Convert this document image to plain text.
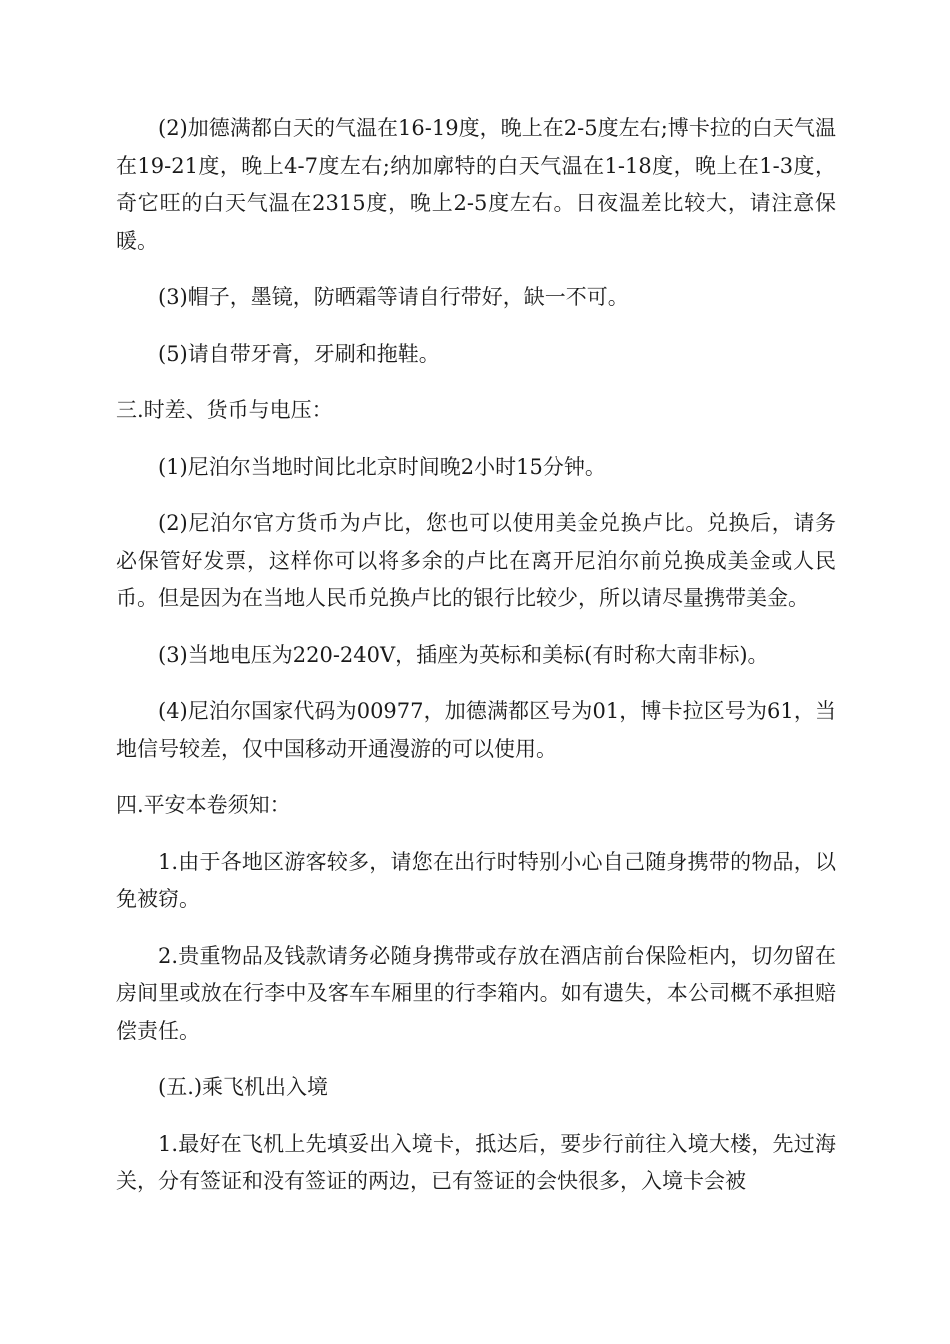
(2)加德满都白天的气温在16-19度，晚上在2-5度左右;博卡拉的白天气温在19-21度，晚上4-7度左右;纳加廓特的白天气温在1-18度，晚上在1-3度，奇它旺的白天气温在2315度，晚上2-5度左右。日夜温差比较大，请注意保暖。

(3)帽子，墨镜，防晒霜等请自行带好，缺一不可。

(5)请自带牙膏，牙刷和拖鞋。

三.时差、货币与电压：

(1)尼泊尔当地时间比北京时间晚2小时15分钟。

(2)尼泊尔官方货币为卢比，您也可以使用美金兑换卢比。兑换后，请务必保管好发票，这样你可以将多余的卢比在离开尼泊尔前兑换成美金或人民币。但是因为在当地人民币兑换卢比的银行比较少，所以请尽量携带美金。

(3)当地电压为220-240V，插座为英标和美标(有时称大南非标)。

(4)尼泊尔国家代码为00977，加德满都区号为01，博卡拉区号为61，当地信号较差，仅中国移动开通漫游的可以使用。

四.平安本卷须知：

1.由于各地区游客较多，请您在出行时特别小心自己随身携带的物品，以免被窃。

2.贵重物品及钱款请务必随身携带或存放在酒店前台保险柜内，切勿留在房间里或放在行李中及客车车厢里的行李箱内。如有遗失，本公司概不承担赔偿责任。

(五.)乘飞机出入境

1.最好在飞机上先填妥出入境卡，抵达后，要步行前往入境大楼，先过海关，分有签证和没有签证的两边，已有签证的会快很多，入境卡会被
